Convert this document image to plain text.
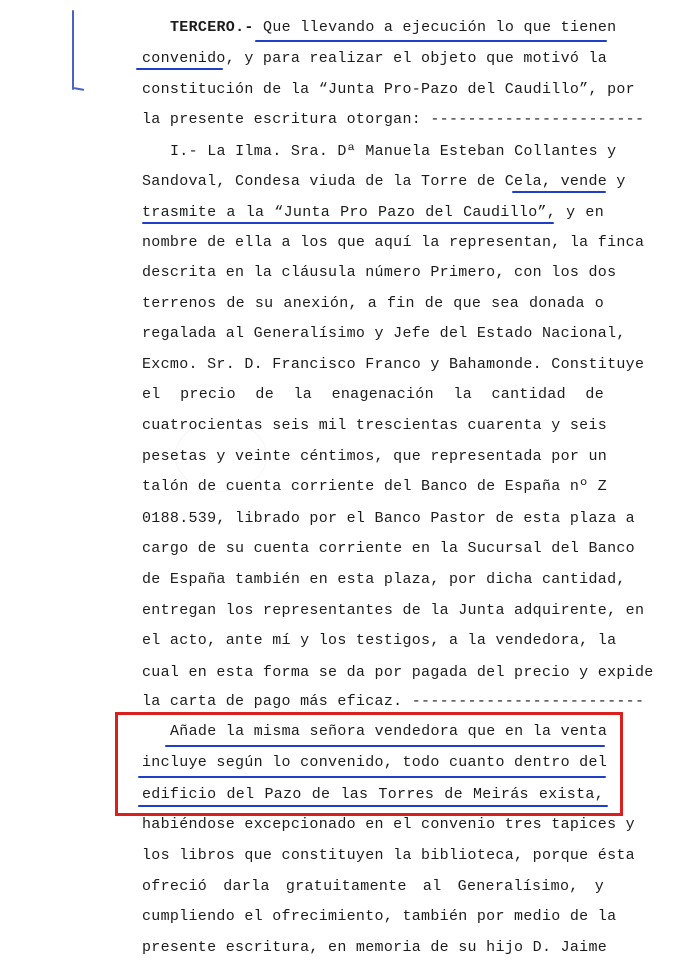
TERCERO.- Que llevando a ejecución lo que tienen
convenido, y para realizar el objeto que motivó la
constitución de la “Junta Pro-Pazo del Caudillo”, por
la presente escritura otorgan: -----------------------
I.- La Ilma. Sra. Dª Manuela Esteban Collantes y
Sandoval, Condesa viuda de la Torre de Cela, vende y
trasmite a la “Junta Pro Pazo del Caudillo”, y en
nombre de ella a los que aquí la representan, la finca
descrita en la cláusula número Primero, con los dos
terrenos de su anexión, a fin de que sea donada o
regalada al Generalísimo y Jefe del Estado Nacional,
Excmo. Sr. D. Francisco Franco y Bahamonde. Constituye
el precio de la enagenación la cantidad de
cuatrocientas seis mil trescientas cuarenta y seis
pesetas y veinte céntimos, que representada por un
talón de cuenta corriente del Banco de España nº Z
0188.539, librado por el Banco Pastor de esta plaza a
cargo de su cuenta corriente en la Sucursal del Banco
de España también en esta plaza, por dicha cantidad,
entregan los representantes de la Junta adquirente, en
el acto, ante mí y los testigos, a la vendedora, la
cual en esta forma se da por pagada del precio y expide
la carta de pago más eficaz. -------------------------
Añade la misma señora vendedora que en la venta
incluye según lo convenido, todo cuanto dentro del
edificio del Pazo de las Torres de Meirás exista,
habiéndose excepcionado en el convenio tres tapices y
los libros que constituyen la biblioteca, porque ésta
ofreció darla gratuitamente al Generalísimo, y
cumpliendo el ofrecimiento, también por medio de la
presente escritura, en memoria de su hijo D. Jaime
